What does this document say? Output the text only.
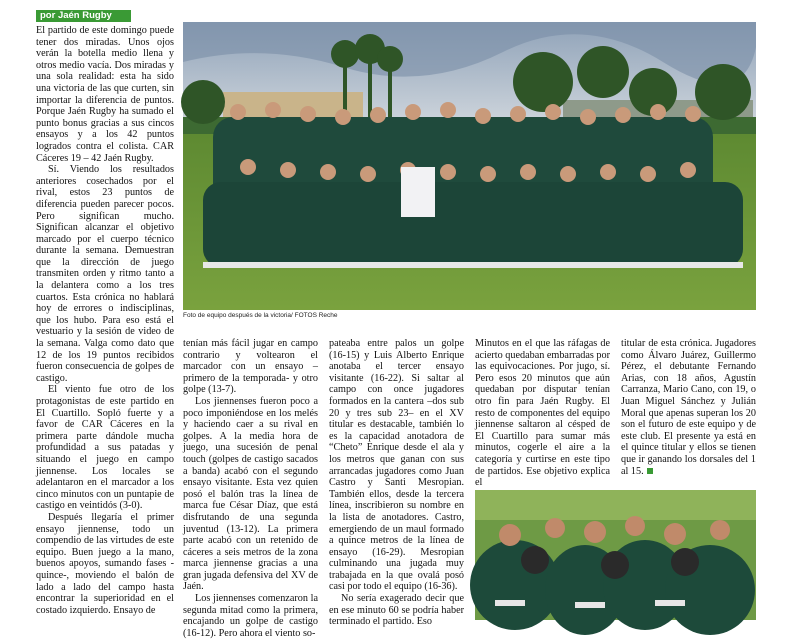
por Jaén Rugby

El partido de este domingo puede tener dos miradas. Unos ojos verán la botella medio llena y otros medio vacía. Dos miradas y una sola realidad: esta ha sido una victoria de las que curten, sin importar la diferencia de puntos. Porque Jaén Rugby ha sumado el punto bonus gracias a sus cincos ensayos y a los 42 puntos logrados contra el colista. CAR Cáceres 19 – 42 Jaén Rugby.

Sí. Viendo los resultados anteriores cosechados por el rival, estos 23 puntos de diferencia pueden parecer pocos. Pero significan mucho. Significan alcanzar el objetivo marcado por el cuerpo técnico durante la semana. Demuestran que la dirección de juego transmiten orden y ritmo tanto a la delantera como a los tres cuartos. Esta crónica no hablará hoy de errores o indisciplinas, que los hubo. Para eso está el vestuario y la sesión de video de la semana. Valga como dato que 12 de los 19 puntos recibidos fueron consecuencia de golpes de castigo.

El viento fue otro de los protagonistas de este partido en El Cuartillo. Sopló fuerte y a favor de CAR Cáceres en la primera parte dándole mucha profundidad a sus patadas y situando el juego en campo jiennense. Los locales se adelantaron en el marcador a los cinco minutos con un puntapie de castigo en veintidós (3-0).

Después llegaría el primer ensayo jiennense, todo un compendio de las virtudes de este equipo. Buen juego a la mano, buenos apoyos, sumando fases -quince-, moviendo el balón de lado a lado del campo hasta encontrar la superioridad en el costado izquierdo. Ensayo de

Foto de equipo después de la victoria/ FOTOS Reche

tenían más fácil jugar en campo contrario y voltearon el marcador con un ensayo –primero de la temporada- y otro golpe (13-7).

Los jiennenses fueron poco a poco imponiéndose en los melés y haciendo caer a su rival en golpes. A la media hora de juego, una sucesión de penal touch (golpes de castigo sacados a banda) acabó con el segundo ensayo visitante. Esta vez quien posó el balón tras la línea de marca fue César Díaz, que está disfrutando de una segunda juventud (13-12). La primera parte acabó con un retenido de cáceres a seis metros de la zona marca jiennense gracias a una gran jugada defensiva del XV de Jaén.

Los jiennenses comenzaron la segunda mitad como la primera, encajando un golpe de castigo (16-12). Pero ahora el viento so-

pateaba entre palos un golpe (16-15) y Luis Alberto Enrique anotaba el tercer ensayo visitante (16-22). Si saltar al campo con once jugadores formados en la cantera –dos sub 20 y tres sub 23– en el XV titular es destacable, también lo es la capacidad anotadora de “Cheto” Enrique desde el ala y los metros que ganan con sus arrancadas jugadores como Juan Castro y Santi Mesropian. También ellos, desde la tercera línea, inscribieron su nombre en la lista de anotadores. Castro, emergiendo de un maul formado a quince metros de la línea de ensayo (16-29). Mesropian culminando una jugada muy trabajada en la que ovalá posó casi por todo el equipo (16-36).

No sería exagerado decir que en ese minuto 60 se podría haber terminado el partido. Eso

Minutos en el que las ráfagas de acierto quedaban embarradas por las equivocaciones. Por jugo, sí. Pero esos 20 minutos que aún quedaban por disputar tenían otro fin para Jaén Rugby. El resto de componentes del equipo jiennense saltaron al césped de El Cuartillo para sumar más minutos, cogerle el aire a la categoría y curtirse en este tipo de partidos. Ese objetivo explica el

titular de esta crónica. Jugadores como Álvaro Juárez, Guillermo Pérez, el debutante Fernando Arias, con 18 años, Agustín Carranza, Mario Cano, con 19, o Juan Miguel Sánchez y Julián Moral que apenas superan los 20 son el futuro de este equipo y de este club. El presente ya está en el quince titular y ellos se tienen que ir ganando los dorsales del 1 al 15.
